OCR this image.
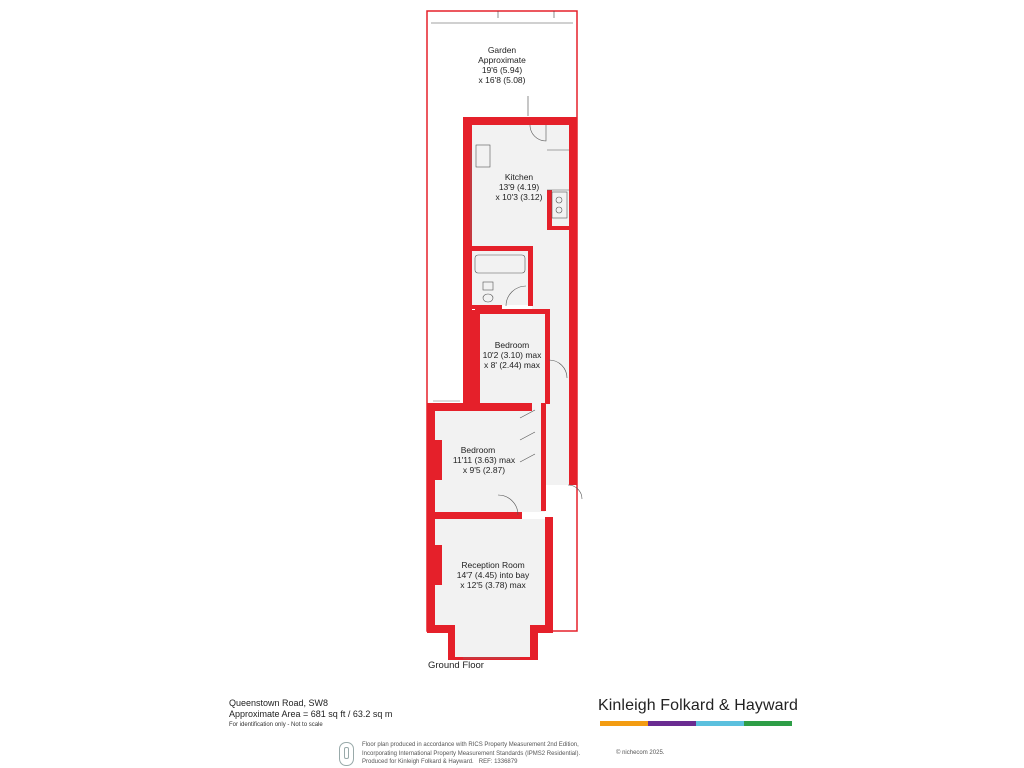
Garden
Approximate
19'6 (5.94)
x 16'8 (5.08)
Kitchen
13'9 (4.19)
x 10'3 (3.12)
Bedroom
10'2 (3.10) max
x 8' (2.44) max
Bedroom
11'11 (3.63) max
x 9'5 (2.87)
Reception Room
14'7 (4.45) into bay
x 12'5 (3.78) max
Ground Floor
Queenstown Road, SW8
Approximate Area = 681 sq ft / 63.2 sq m
For identification only - Not to scale
Kinleigh Folkard & Hayward
Floor plan produced in accordance with RICS Property Measurement 2nd Edition,
Incorporating International Property Measurement Standards (IPMS2 Residential).
Produced for Kinleigh Folkard & Hayward. REF: 1336879
© nichecom 2025.
